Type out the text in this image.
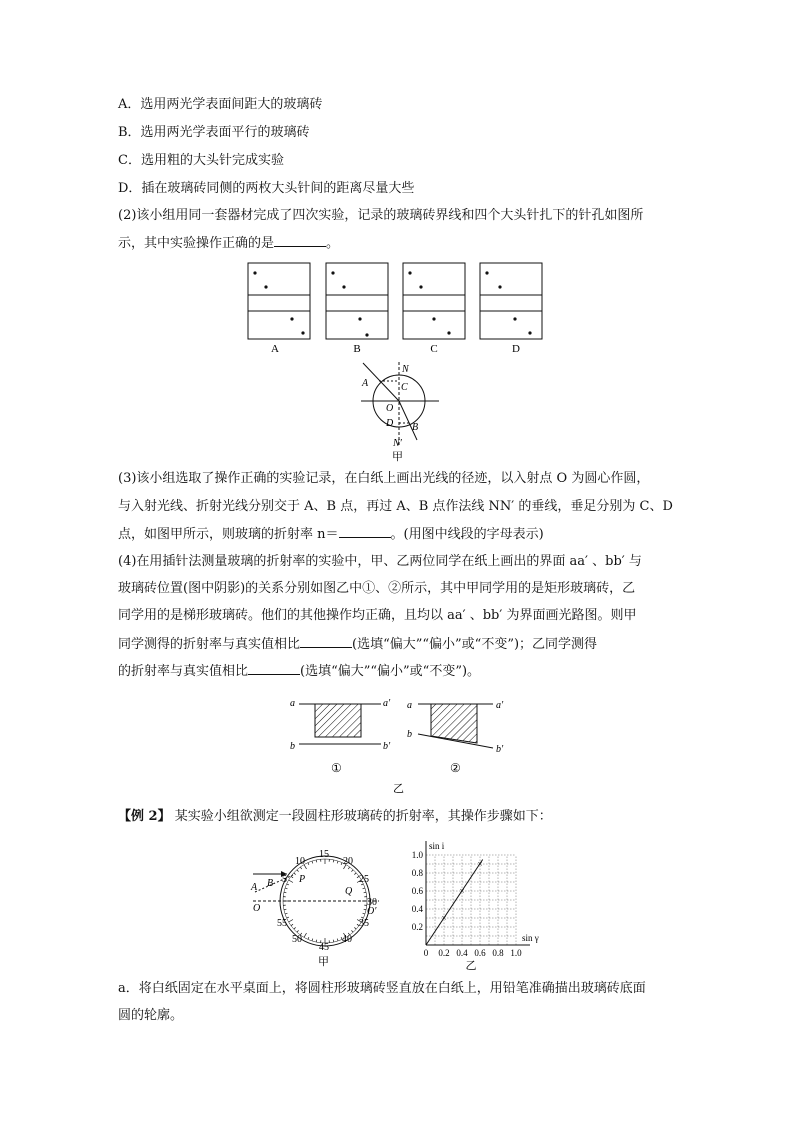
A．选用两光学表面间距大的玻璃砖
B．选用两光学表面平行的玻璃砖
C．选用粗的大头针完成实验
D．插在玻璃砖同侧的两枚大头针间的距离尽量大些
(2)该小组用同一套器材完成了四次实验，记录的玻璃砖界线和四个大头针扎下的针孔如图所
示，其中实验操作正确的是	。
A	B	C	D
N
A	C
O
D B
N′
甲
(3)该小组选取了操作正确的实验记录，在白纸上画出光线的径迹，以入射点 O 为圆心作圆，
与入射光线、折射光线分别交于 A、B 点，再过 A、B 点作法线 NN′ 的垂线，垂足分别为 C、D
点，如图甲所示，则玻璃的折射率 n＝	。(用图中线段的字母表示)
(4)在用插针法测量玻璃的折射率的实验中，甲、乙两位同学在纸上画出的界面 aa′ 、bb′ 与
玻璃砖位置(图中阴影)的关系分别如图乙中①、②所示，其中甲同学用的是矩形玻璃砖，乙
同学用的是梯形玻璃砖。他们的其他操作均正确，且均以 aa′ 、bb′ 为界面画光路图。则甲
同学测得的折射率与真实值相比	(选填“偏大”“偏小”或“不变”)；乙同学测得
的折射率与真实值相比	(选填“偏大”“偏小”或“不变”)。
a	a′
b	b′
①
a	a′
b
b′
②
乙
【例 2】 某实验小组欲测定一段圆柱形玻璃砖的折射率，其操作步骤如下：
10
15
20
5	25
30
35
40
45
50
55
P
Q
A B
O	O′
甲
0 0.2 0.4 0.6 0.8 1.0
0.2
0.4
0.6
0.8
1.0
sin γ
sin i
×
×
×
乙
a．将白纸固定在水平桌面上，将圆柱形玻璃砖竖直放在白纸上，用铅笔准确描出玻璃砖底面
圆的轮廓。
